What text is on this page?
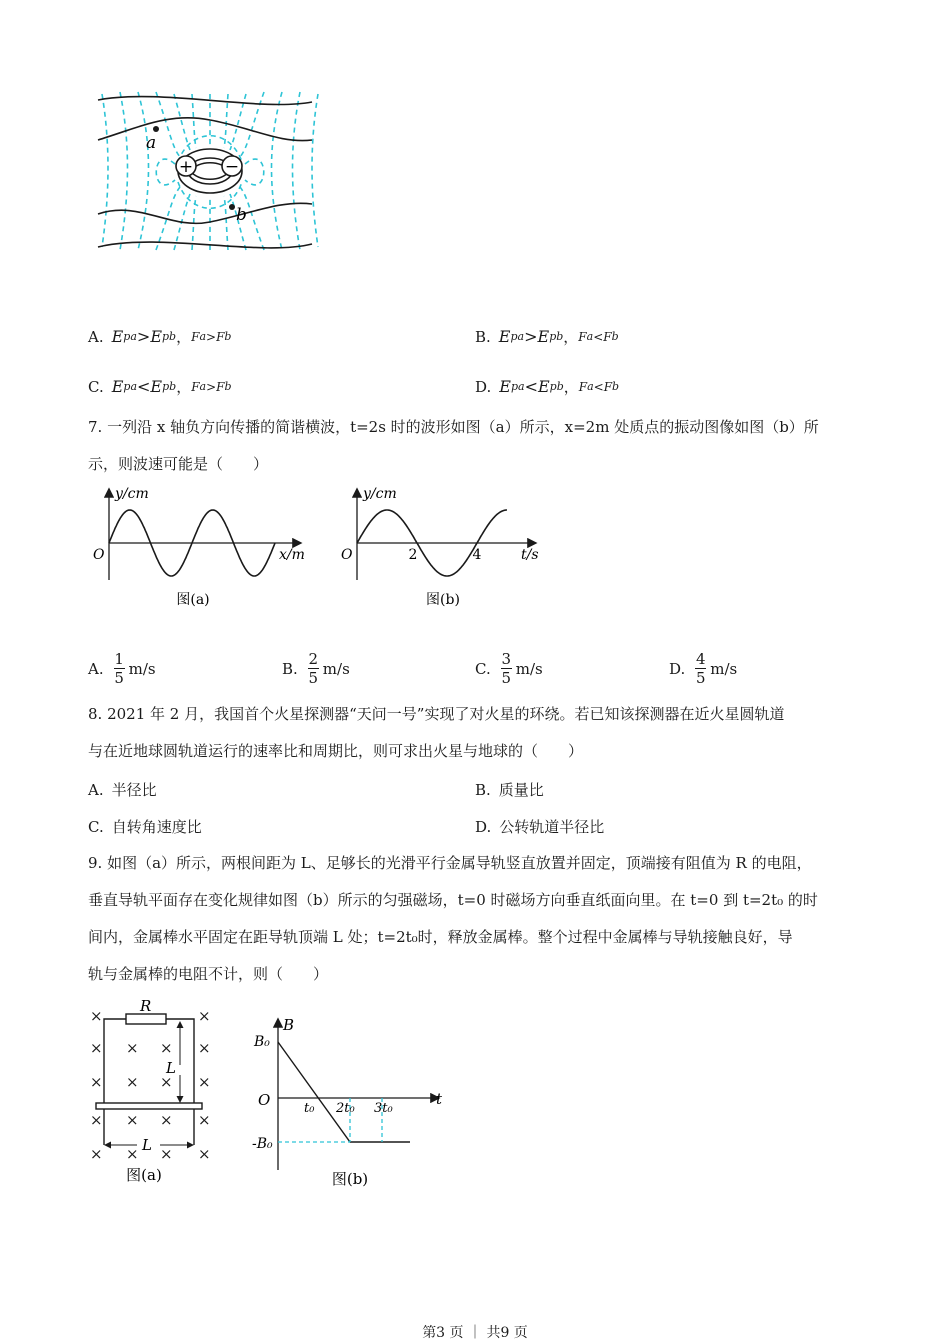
+ −
a
b
A. E pa > E pb ， F a > F b	B. E pa > E pb ， F a < F b
C. E pa < E pb ， F a > F b	D. E pa < E pb ， F a < F b
7. 一列沿 x 轴负方向传播的简谐横波，t=2s 时的波形如图（a）所示，x=2m 处质点的振动图像如图（b）所
示，则波速可能是（　　）
y/cm
x/m
O
图(a)
y/cm
t/s
O	2	4
图(b)
A. $\frac{1}{5} m/s$	B. $\frac{2}{5} m/s$	C. $\frac{3}{5} m/s$	D. $\frac{4}{5} m/s$
8. 2021 年 2 月，我国首个火星探测器“天问一号”实现了对火星的环绕。若已知该探测器在近火星圆轨道
与在近地球圆轨道运行的速率比和周期比，则可求出火星与地球的（　　）
A. 半径比	B. 质量比
C. 自转角速度比	D. 公转轨道半径比
9. 如图（a）所示，两根间距为 L、足够长的光滑平行金属导轨竖直放置并固定，顶端接有阻值为 R 的电阻，
垂直导轨平面存在变化规律如图（b）所示的匀强磁场，t=0 时磁场方向垂直纸面向里。在 t=0 到 t=2t₀ 的时
间内，金属棒水平固定在距导轨顶端 L 处；t=2t₀时，释放金属棒。整个过程中金属棒与导轨接触良好，导
轨与金属棒的电阻不计，则（　　）
×	×
× × × ×
× × × ×
× × × ×
× × × ×
R
L
L
图(a)
B
B₀
O	t
t₀ 2t₀ 3t₀
-B₀
图(b)
第3 页 ｜ 共9 页
